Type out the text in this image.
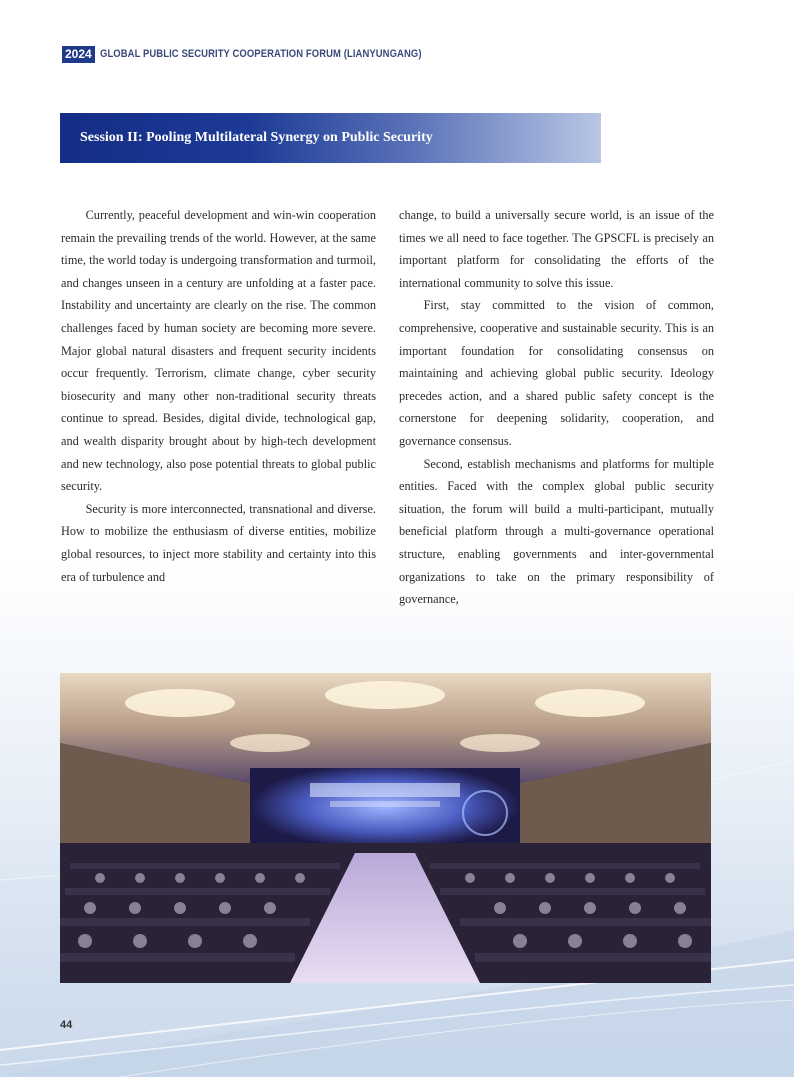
2024 GLOBAL PUBLIC SECURITY COOPERATION FORUM (LIANYUNGANG)
Session II: Pooling Multilateral Synergy on Public Security

Currently, peaceful development and win-win cooperation remain the prevailing trends of the world. However, at the same time, the world today is undergoing transformation and turmoil, and changes unseen in a century are unfolding at a faster pace. Instability and uncertainty are clearly on the rise. The common challenges faced by human society are becoming more severe. Major global natural disasters and frequent security incidents occur frequently. Terrorism, climate change, cyber security biosecurity and many other non-traditional security threats continue to spread. Besides, digital divide, technological gap, and wealth disparity brought about by high-tech development and new technology, also pose potential threats to global public security.

Security is more interconnected, transnational and diverse. How to mobilize the enthusiasm of diverse entities, mobilize global resources, to inject more stability and certainty into this era of turbulence and

change, to build a universally secure world, is an issue of the times we all need to face together. The GPSCFL is precisely an important platform for consolidating the efforts of the international community to solve this issue.

First, stay committed to the vision of common, comprehensive, cooperative and sustainable security. This is an important foundation for consolidating consensus on maintaining and achieving global public security. Ideology precedes action, and a shared public safety concept is the cornerstone for deepening solidarity, cooperation, and governance consensus.

Second, establish mechanisms and platforms for multiple entities. Faced with the complex global public security situation, the forum will build a multi-participant, mutually beneficial platform through a multi-governance operational structure, enabling governments and inter-governmental organizations to take on the primary responsibility of governance,

44
